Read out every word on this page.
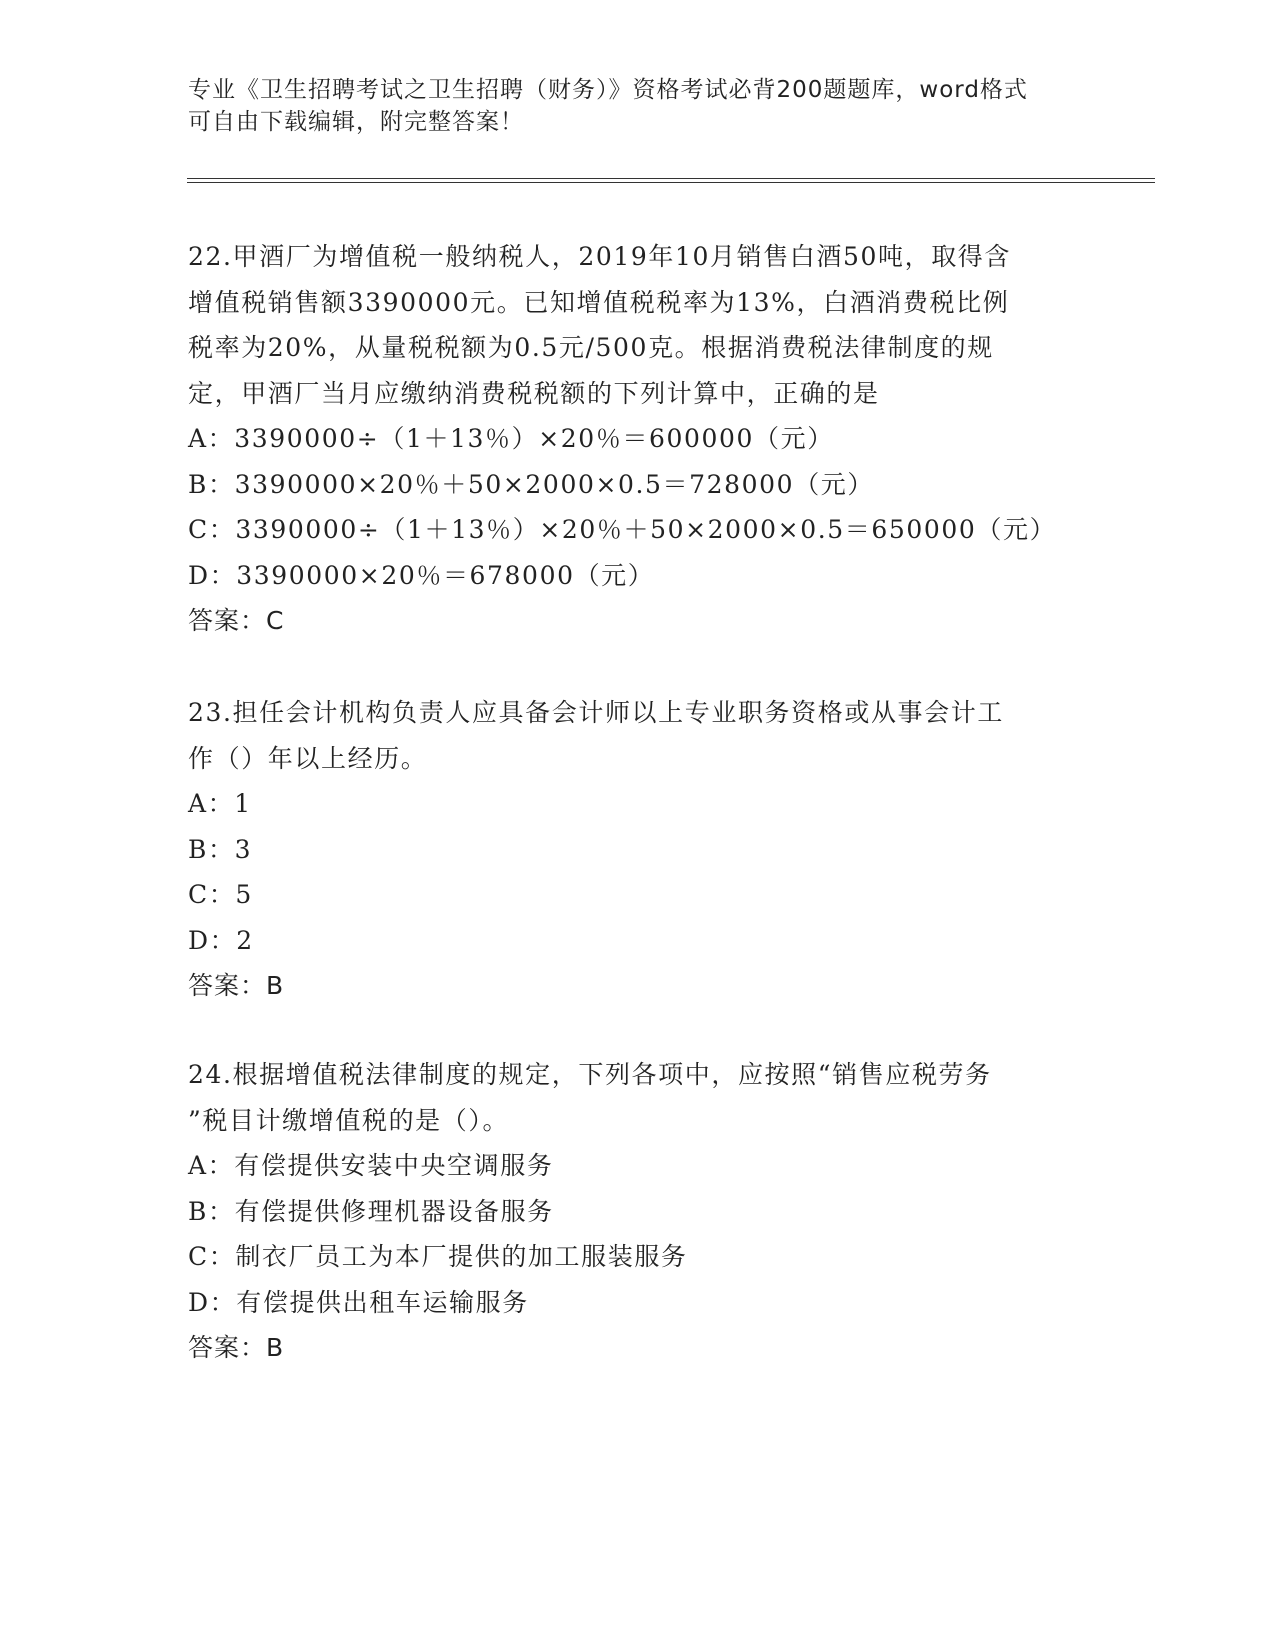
专业《卫生招聘考试之卫生招聘（财务）》资格考试必背200题题库，word格式
可自由下载编辑，附完整答案！

22.甲酒厂为增值税一般纳税人，2019年10月销售白酒50吨，取得含

增值税销售额3390000元。已知增值税税率为13%，白酒消费税比例

税率为20%，从量税税额为0.5元/500克。根据消费税法律制度的规

定，甲酒厂当月应缴纳消费税税额的下列计算中，正确的是

A：3390000÷（1＋13％）×20％＝600000（元）

B：3390000×20％＋50×2000×0.5＝728000（元）

C：3390000÷（1＋13％）×20％＋50×2000×0.5＝650000（元）

D：3390000×20％＝678000（元）

答案：C

23.担任会计机构负责人应具备会计师以上专业职务资格或从事会计工

作（）年以上经历。

A：1

B：3

C：5

D：2

答案：B

24.根据增值税法律制度的规定，下列各项中，应按照“销售应税劳务

”税目计缴增值税的是（）。

A：有偿提供安装中央空调服务

B：有偿提供修理机器设备服务

C：制衣厂员工为本厂提供的加工服装服务

D：有偿提供出租车运输服务

答案：B
